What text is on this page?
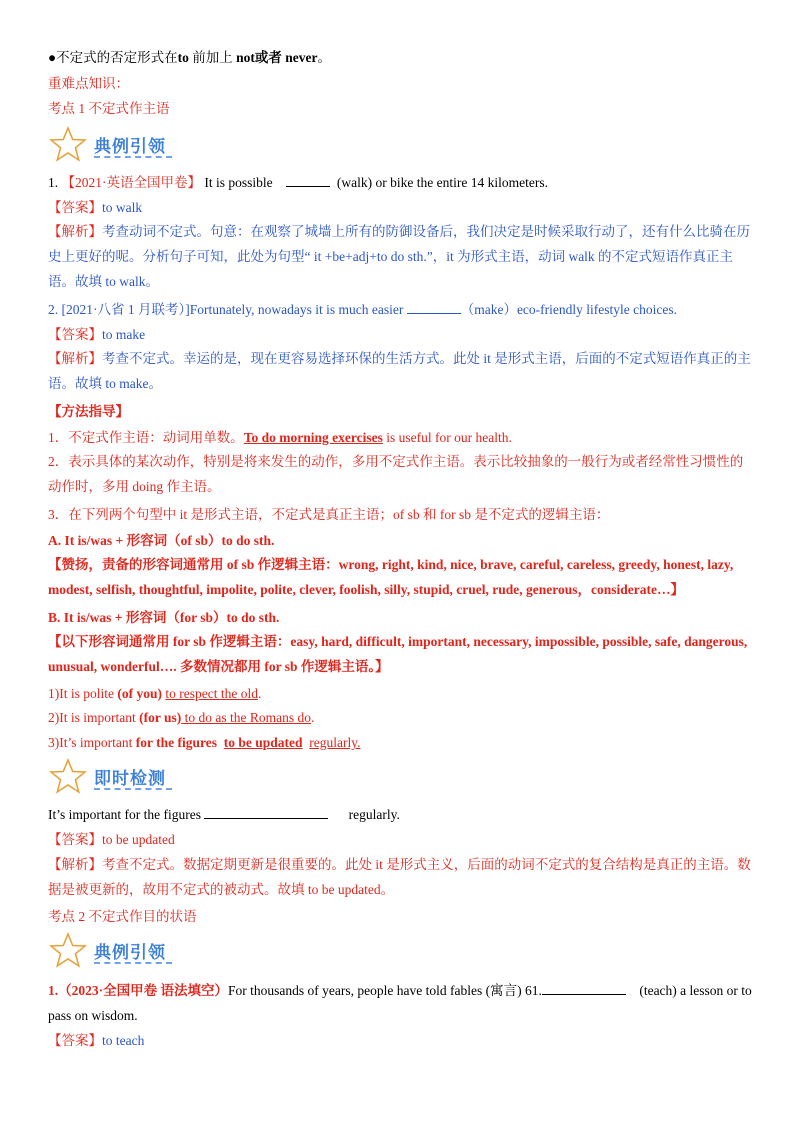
●不定式的否定形式在to 前加上 not或者 never。
重难点知识：
考点 1 不定式作主语
典例引领
1. 【2021·英语全国甲卷】 It is possible	(walk) or bike the entire 14 kilometers.
【答案】to walk
【解析】考查动词不定式。句意：在观察了城墙上所有的防御设备后，我们决定是时候采取行动了，还有什么比骑在历史上更好的呢。分析句子可知，此处为句型“ it +be+adj+to do sth.”，it 为形式主语，动词 walk 的不定式短语作真正主语。故填 to walk。
2. [2021·八省 1 月联考）]Fortunately, nowadays it is much easier	（make）eco-friendly lifestyle choices.
【答案】to make
【解析】考查不定式。幸运的是，现在更容易选择环保的生活方式。此处 it 是形式主语，后面的不定式短语作真正的主语。故填 to make。
【方法指导】
1．不定式作主语：动词用单数。To do morning exercises is useful for our health.
2．表示具体的某次动作，特别是将来发生的动作，多用不定式作主语。表示比较抽象的一般行为或者经常性习惯性的动作时，多用 doing 作主语。
3．在下列两个句型中 it 是形式主语，不定式是真正主语；of sb 和 for sb 是不定式的逻辑主语：
A. It is/was + 形容词（of sb）to do sth.
【赞扬，责备的形容词通常用 of sb 作逻辑主语：wrong, right, kind, nice, brave, careful, careless, greedy, honest, lazy, modest, selfish, thoughtful, impolite, polite, clever, foolish, silly, stupid, cruel, rude, generous，considerate…】
B. It is/was + 形容词（for sb）to do sth.
【以下形容词通常用 for sb 作逻辑主语：easy, hard, difficult, important, necessary, impossible, possible, safe, dangerous, unusual, wonderful…. 多数情况都用 for sb 作逻辑主语。】
1)It is polite (of you) to respect the old.
2)It is important (for us) to do as the Romans do.
3)It’s important for the figures to be updated regularly.
即时检测
It’s important for the figures	regularly.
【答案】to be updated
【解析】考查不定式。数据定期更新是很重要的。此处 it 是形式主义，后面的动词不定式的复合结构是真正的主语。数据是被更新的，故用不定式的被动式。故填 to be updated。
考点 2 不定式作目的状语
典例引领
1.（2023·全国甲卷 语法填空）For thousands of years, people have told fables (寓言) 61.	(teach) a lesson or to pass on wisdom.
【答案】to teach
